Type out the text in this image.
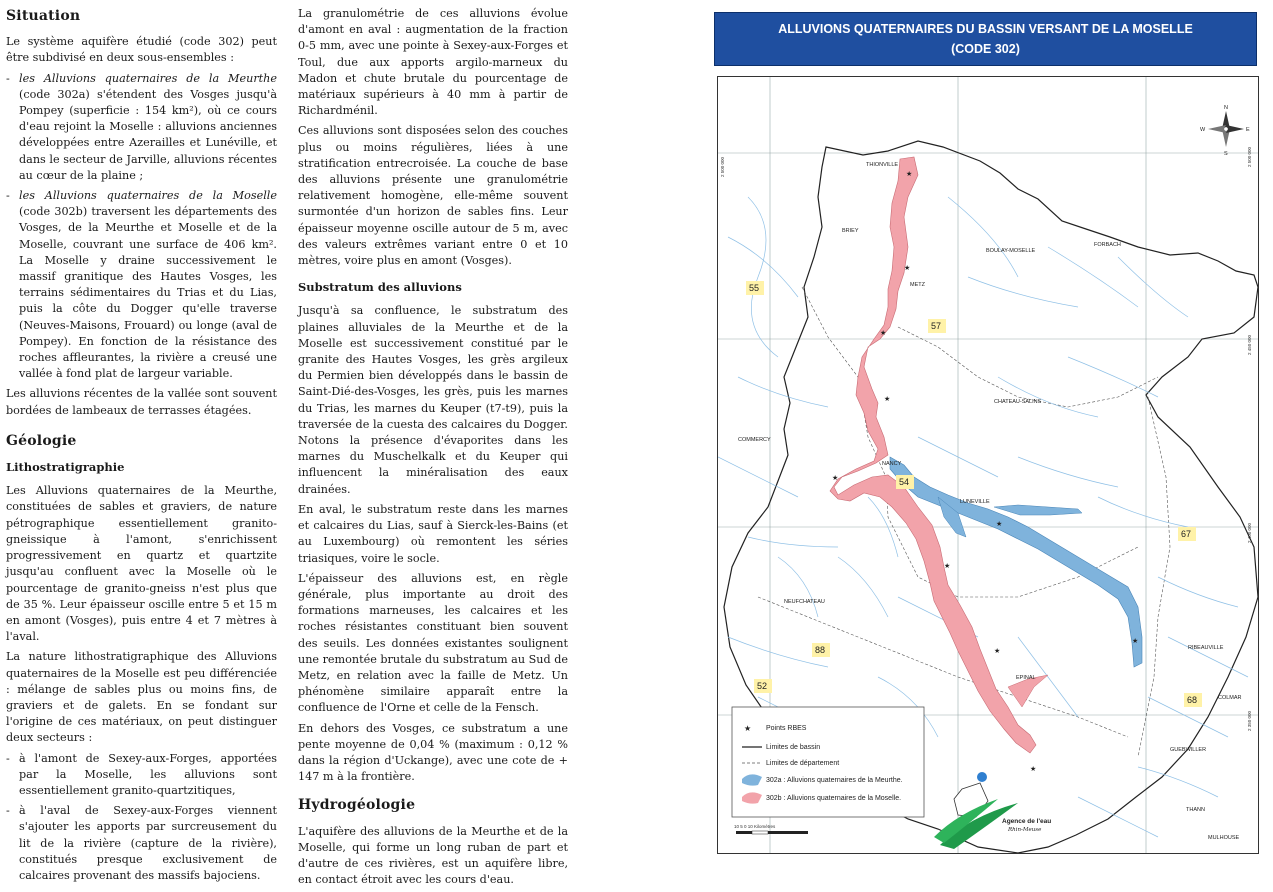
Situation

Le système aquifère étudié (code 302) peut être subdivisé en deux sous-ensembles :

- les Alluvions quaternaires de la Meurthe (code 302a) s'étendent des Vosges jusqu'à Pompey (superficie : 154 km²), où ce cours d'eau rejoint la Moselle : alluvions anciennes développées entre Azerailles et Lunéville, et dans le secteur de Jarville, alluvions récentes au cœur de la plaine ;
- les Alluvions quaternaires de la Moselle (code 302b) traversent les départements des Vosges, de la Meurthe et Moselle et de la Moselle, couvrant une surface de 406 km². La Moselle y draine successivement le massif granitique des Hautes Vosges, les terrains sédimentaires du Trias et du Lias, puis la côte du Dogger qu'elle traverse (Neuves-Maisons, Frouard) ou longe (aval de Pompey). En fonction de la résistance des roches affleurantes, la rivière a creusé une vallée à fond plat de largeur variable.

Les alluvions récentes de la vallée sont souvent bordées de lambeaux de terrasses étagées.

Géologie
Lithostratigraphie

Les Alluvions quaternaires de la Meurthe, constituées de sables et graviers, de nature pétrographique essentiellement granito-gneissique à l'amont, s'enrichissent progressivement en quartz et quartzite jusqu'au confluent avec la Moselle où le pourcentage de granito-gneiss n'est plus que de 35 %. Leur épaisseur oscille entre 5 et 15 m en amont (Vosges), puis entre 4 et 7 mètres à l'aval.

La nature lithostratigraphique des Alluvions quaternaires de la Moselle est peu différenciée : mélange de sables plus ou moins fins, de graviers et de galets. En se fondant sur l'origine de ces matériaux, on peut distinguer deux secteurs :

- à l'amont de Sexey-aux-Forges, apportées par la Moselle, les alluvions sont essentiellement granito-quartzitiques,
- à l'aval de Sexey-aux-Forges viennent s'ajouter les apports par surcreusement du lit de la rivière (capture de la rivière), constitués presque exclusivement de calcaires provenant des massifs bajociens.

La granulométrie de ces alluvions évolue d'amont en aval : augmentation de la fraction 0-5 mm, avec une pointe à Sexey-aux-Forges et Toul, due aux apports argilo-marneux du Madon et chute brutale du pourcentage de matériaux supérieurs à 40 mm à partir de Richardménil.

Ces alluvions sont disposées selon des couches plus ou moins régulières, liées à une stratification entrecroisée. La couche de base des alluvions présente une granulométrie relativement homogène, elle-même souvent surmontée d'un horizon de sables fins. Leur épaisseur moyenne oscille autour de 5 m, avec des valeurs extrêmes variant entre 0 et 10 mètres, voire plus en amont (Vosges).

Substratum des alluvions

Jusqu'à sa confluence, le substratum des plaines alluviales de la Meurthe et de la Moselle est successivement constitué par le granite des Hautes Vosges, les grès argileux du Permien bien développés dans le bassin de Saint-Dié-des-Vosges, les grès, puis les marnes du Trias, les marnes du Keuper (t7-t9), puis la traversée de la cuesta des calcaires du Dogger. Notons la présence d'évaporites dans les marnes du Muschelkalk et du Keuper qui influencent la minéralisation des eaux drainées.

En aval, le substratum reste dans les marnes et calcaires du Lias, sauf à Sierck-les-Bains (et au Luxembourg) où remontent les séries triasiques, voire le socle.

L'épaisseur des alluvions est, en règle générale, plus importante au droit des formations marneuses, les calcaires et les roches résistantes constituant bien souvent des seuils. Les données existantes soulignent une remontée brutale du substratum au Sud de Metz, en relation avec la faille de Metz. Un phénomène similaire apparaît entre la confluence de l'Orne et celle de la Fensch.

En dehors des Vosges, ce substratum a une pente moyenne de 0,04 % (maximum : 0,12 % dans la région d'Uckange), avec une cote de + 147 m à la frontière.

Hydrogéologie

L'aquifère des alluvions de la Meurthe et de la Moselle, qui forme un long ruban de part et d'autre de ces rivières, est un aquifère libre, en contact étroit avec les cours d'eau.

ALLUVIONS QUATERNAIRES DU BASSIN VERSANT DE LA MOSELLE
(CODE 302)
2 500 000	2 500 000
2 450 000
2 400 000
2 350 000
★
★
★
★
★
★
★
★
★
★
THIONVILLE
BRIEY
BOULAY-MOSELLE
FORBACH
METZ
CHATEAU-SALINS
COMMERCY
NANCY
LUNEVILLE
NEUFCHATEAU
EPINAL
RIBEAUVILLE
COLMAR
GUEBWILLER
THANN
MULHOUSE
55
57
54
67
88
52
68
N
E
S
W
★ Points RBES
Limites de bassin
Limites de département
302a : Alluvions quaternaires de la Meurthe.
302b : Alluvions quaternaires de la Moselle.
10 5 0 10 Kilomètres
Agence de l'eau
Rhin-Meuse
